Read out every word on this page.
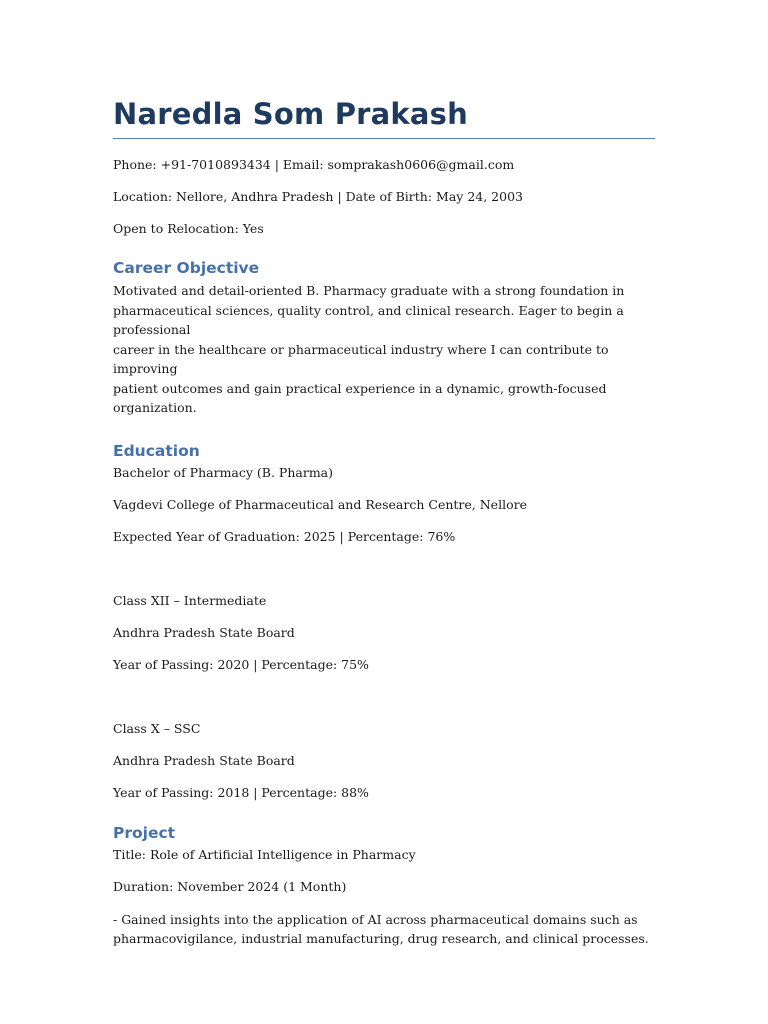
Naredla Som Prakash

Phone: +91-7010893434 | Email: somprakash0606@gmail.com

Location: Nellore, Andhra Pradesh | Date of Birth: May 24, 2003

Open to Relocation: Yes

Career Objective
Motivated and detail-oriented B. Pharmacy graduate with a strong foundation in
pharmaceutical sciences, quality control, and clinical research. Eager to begin a professional
career in the healthcare or pharmaceutical industry where I can contribute to improving
patient outcomes and gain practical experience in a dynamic, growth-focused organization.
Education

Bachelor of Pharmacy (B. Pharma)

Vagdevi College of Pharmaceutical and Research Centre, Nellore

Expected Year of Graduation: 2025 | Percentage: 76%

Class XII – Intermediate

Andhra Pradesh State Board

Year of Passing: 2020 | Percentage: 75%

Class X – SSC

Andhra Pradesh State Board

Year of Passing: 2018 | Percentage: 88%

Project

Title: Role of Artificial Intelligence in Pharmacy

Duration: November 2024 (1 Month)

- Gained insights into the application of AI across pharmaceutical domains such as
pharmacovigilance, industrial manufacturing, drug research, and clinical processes.
